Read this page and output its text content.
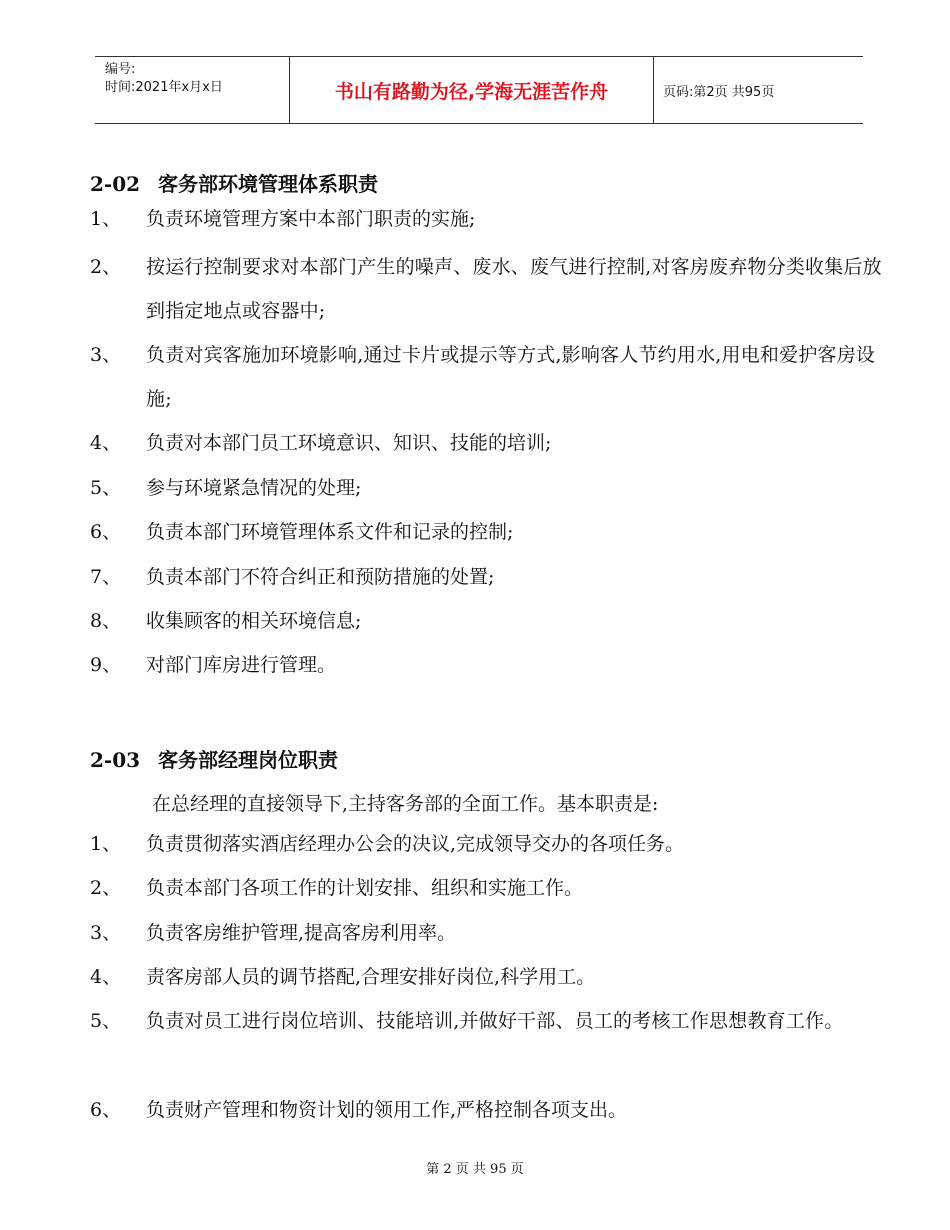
编号:
时间:2021年x月x日	书山有路勤为径,学海无涯苦作舟	页码:第2页 共95页
2-02 客务部环境管理体系职责
1、 负责环境管理方案中本部门职责的实施;
2、 按运行控制要求对本部门产生的噪声、废水、废气进行控制,对客房废弃物分类收集后放到指定地点或容器中;
3、 负责对宾客施加环境影响,通过卡片或提示等方式,影响客人节约用水,用电和爱护客房设施;
4、 负责对本部门员工环境意识、知识、技能的培训;
5、 参与环境紧急情况的处理;
6、 负责本部门环境管理体系文件和记录的控制;
7、 负责本部门不符合纠正和预防措施的处置;
8、 收集顾客的相关环境信息;
9、 对部门库房进行管理。
2-03 客务部经理岗位职责
在总经理的直接领导下,主持客务部的全面工作。基本职责是:
1、 负责贯彻落实酒店经理办公会的决议,完成领导交办的各项任务。
2、 负责本部门各项工作的计划安排、组织和实施工作。
3、 负责客房维护管理,提高客房利用率。
4、 责客房部人员的调节搭配,合理安排好岗位,科学用工。
5、 负责对员工进行岗位培训、技能培训,并做好干部、员工的考核工作思想教育工作。
6、 负责财产管理和物资计划的领用工作,严格控制各项支出。
第 2 页 共 95 页
